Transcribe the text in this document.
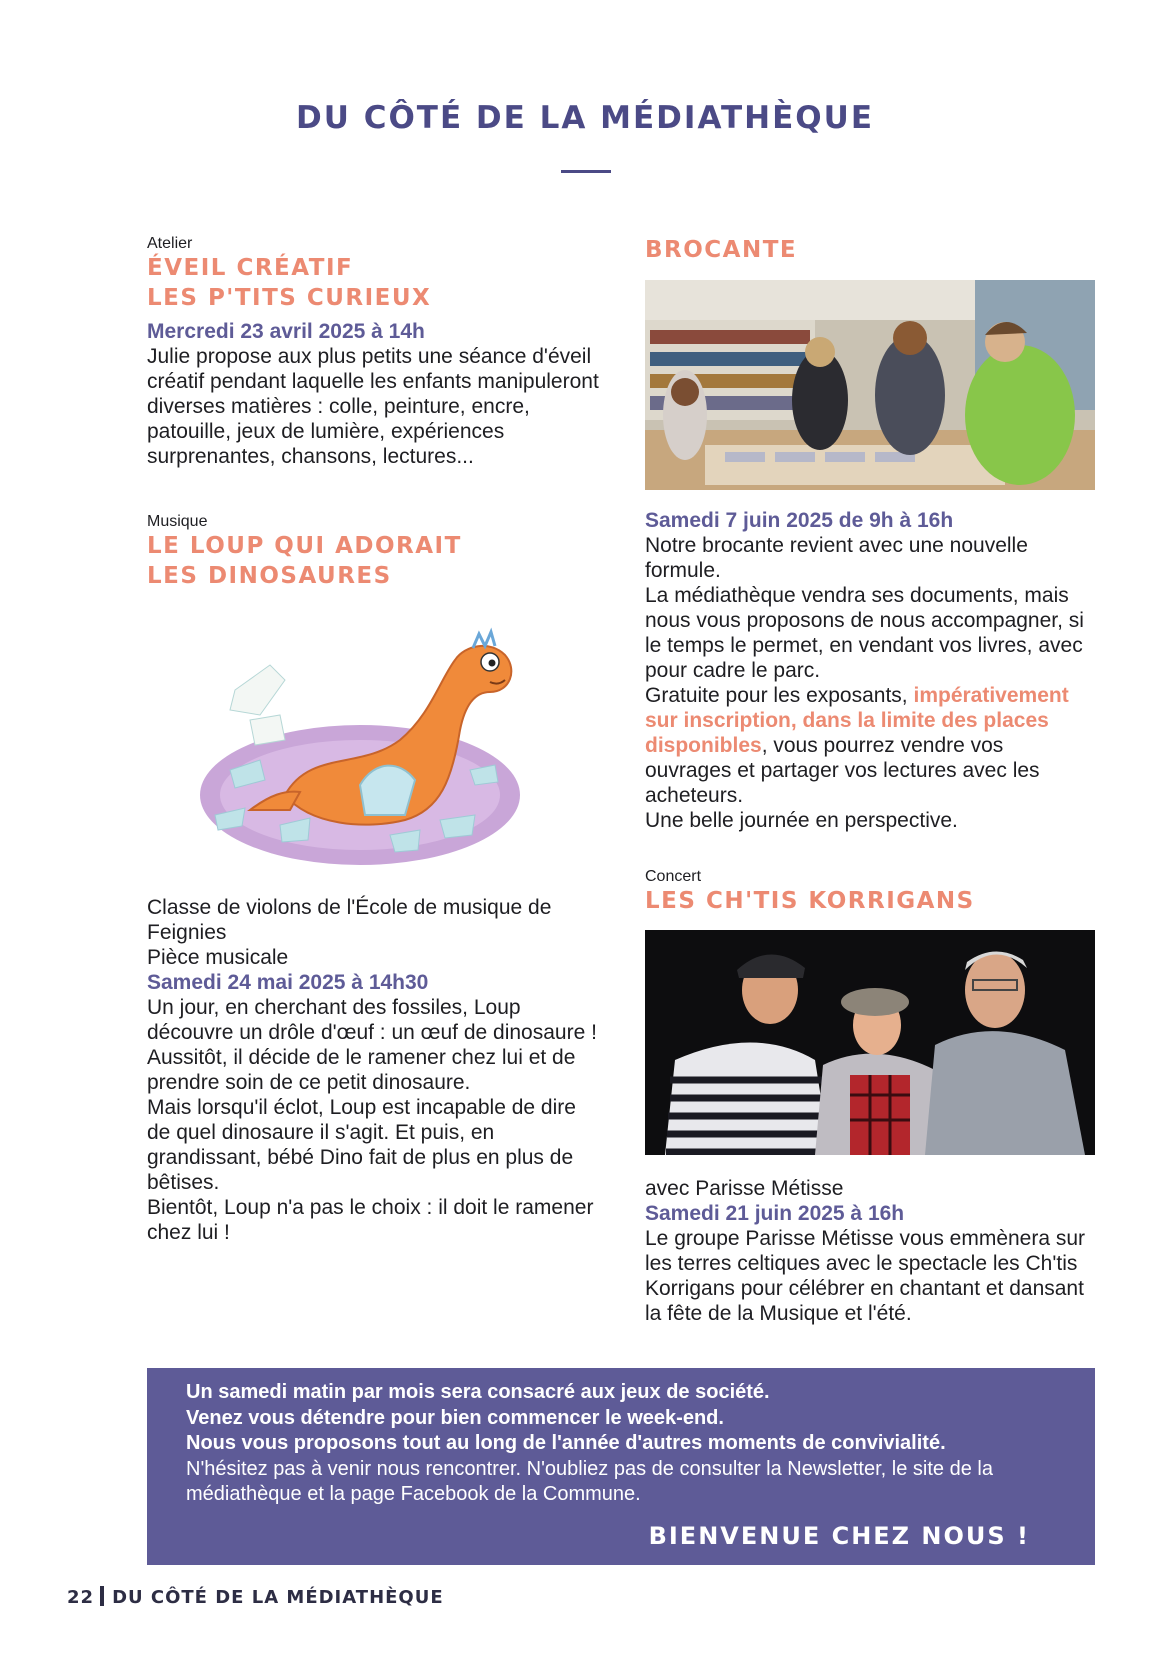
DU CÔTÉ DE LA MÉDIATHÈQUE
Atelier
ÉVEIL CRÉATIF
LES P'TITS CURIEUX
Mercredi 23 avril 2025 à 14h
Julie propose aux plus petits une séance d'éveil créatif pendant laquelle les enfants manipuleront diverses matières : colle, peinture, encre, patouille, jeux de lumière, expériences surprenantes, chansons, lectures...
Musique
LE LOUP QUI ADORAIT
LES DINOSAURES
Classe de violons de l'École de musique de Feignies
Pièce musicale
Samedi 24 mai 2025 à 14h30
Un jour, en cherchant des fossiles, Loup découvre un drôle d'œuf : un œuf de dinosaure ! Aussitôt, il décide de le ramener chez lui et de prendre soin de ce petit dinosaure.
Mais lorsqu'il éclot, Loup est incapable de dire de quel dinosaure il s'agit. Et puis, en grandissant, bébé Dino fait de plus en plus de bêtises.
Bientôt, Loup n'a pas le choix : il doit le ramener chez lui !
BROCANTE
Samedi 7 juin 2025 de 9h à 16h
Notre brocante revient avec une nouvelle formule.
La médiathèque vendra ses documents, mais nous vous proposons de nous accompagner, si le temps le permet, en vendant vos livres, avec pour cadre le parc.
Gratuite pour les exposants, impérativement sur inscription, dans la limite des places disponibles, vous pourrez vendre vos ouvrages et partager vos lectures avec les acheteurs.
Une belle journée en perspective.
Concert
LES CH'TIS KORRIGANS
avec Parisse Métisse
Samedi 21 juin 2025 à 16h
Le groupe Parisse Métisse vous emmènera sur les terres celtiques avec le spectacle les Ch'tis Korrigans pour célébrer en chantant et dansant la fête de la Musique et l'été.
Un samedi matin par mois sera consacré aux jeux de société.
Venez vous détendre pour bien commencer le week-end.
Nous vous proposons tout au long de l'année d'autres moments de convivialité.
N'hésitez pas à venir nous rencontrer. N'oubliez pas de consulter la Newsletter, le site de la médiathèque et la page Facebook de la Commune.
BIENVENUE CHEZ NOUS !
22 DU CÔTÉ DE LA MÉDIATHÈQUE
